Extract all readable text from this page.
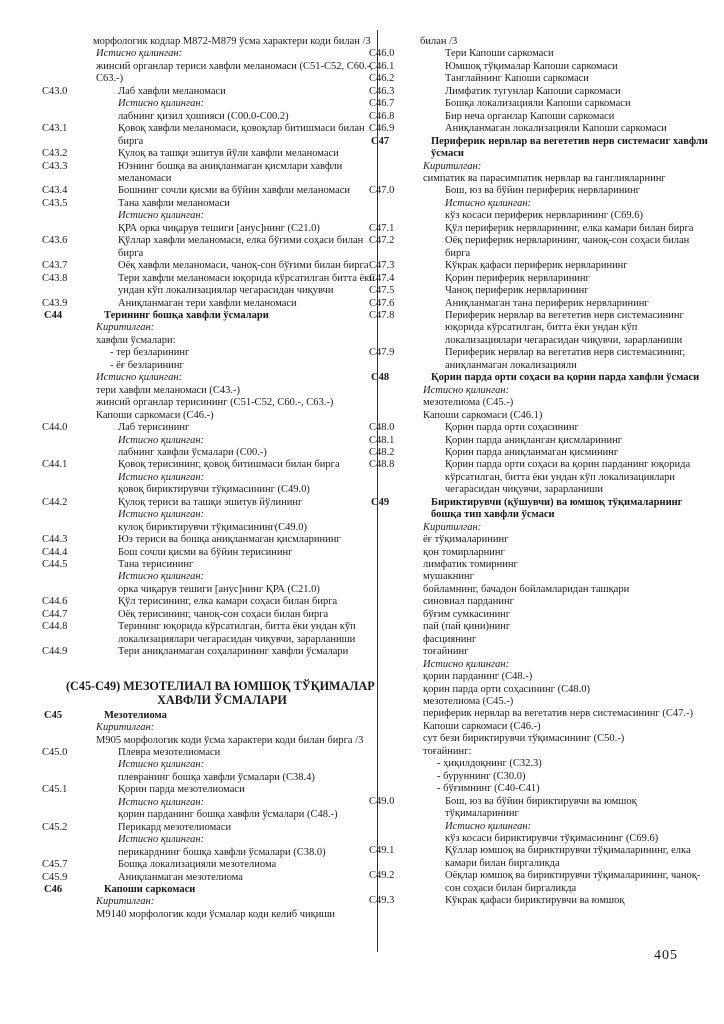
морфологик кодлар M872-M879 ўсма характери коди билан /3
Истисно қилинган:
жинсий органлар териси хавфли меланомаси (C51-C52, C60.-, C63.-)
C43.0	Лаб хавфли меланомаси
Истисно қилинган:
лабнинг қизил ҳошияси (C00.0-C00.2)
C43.1	Қовоқ хавфли меланомаси, қовоқлар битишмаси билан бирга
C43.2	Қулоқ ва ташқи эшитув йўли хавфли меланомаси
C43.3	Юзнинг бошқа ва аниқланмаган қисмлари хавфли меланомаси
C43.4	Бошнинг сочли қисми ва бўйин хавфли меланомаси
C43.5	Тана хавфли меланомаси
Истисно қилинган:
ҚРА орка чиқарув тешиги [анус]нинг (C21.0)
C43.6	Қўллар хавфли меланомаси, елка бўғими соҳаси билан бирга
C43.7	Оёқ хавфли меланомаси, чаноқ-сон бўғими билан бирга
C43.8	Тери хавфли меланомаси юқорида кўрсатилган битта ёки ундан кўп локализациялар чегарасидан чиқувчи
C43.9	Аниқланмаган тери хавфли меланомаси
C44	Терининг бошқа хавфли ўсмалари
Киритилган:
хавфли ўсмалари:
- тер безларининг
- ёғ безларининг
Истисно қилинган:
тери хавфли меланомаси (C43.-)
жинсий органлар терисининг (C51-C52, C60.-, C63.-)
Капоши саркомаси (C46.-)
C44.0	Лаб терисининг
Истисно қилинган:
лабнинг хавфли ўсмалари (C00.-)
C44.1	Қовоқ терисининг, қовоқ битишмаси билан бирга
Истисно қилинган:
қовоқ бириктирувчи тўқимасининг (C49.0)
C44.2	Қулоқ териси ва ташқи эшитув йўлининг
Истисно қилинган:
кулоқ бириктирувчи тўқимасининг(C49.0)
C44.3	Юз териси ва бошқа аниқланмаган қисмларининг
C44.4	Бош сочли қисми ва бўйин терисининг
C44.5	Тана терисининг
Истисно қилинган:
орка чиқарув тешиги [анус]нинг ҚРА (C21.0)
C44.6	Қўл терисининг, елка камари соҳаси билан бирга
C44.7	Оёқ терисининг, чаноқ-сон соҳаси билан бирга
C44.8	Терининг юқорида кўрсатилган, битта ёки ундан кўп локализациялари чегарасидан чиқувчи, зарарланиши
C44.9	Тери аниқланмаган соҳаларининг хавфли ўсмалари
(C45-C49) МЕЗОТЕЛИАЛ ВА ЮМШОҚ ТЎҚИМАЛАР
ХАВФЛИ ЎСМАЛАРИ
C45	Мезотелиома
Киритилган:
M905 морфологик коди ўсма характери коди билан бирга /3
C45.0	Плевра мезотелиомаси
Истисно қилинган:
плевранинг бошқа хавфли ўсмалари (C38.4)
C45.1	Қорин парда мезотелиомаси
Истисно қилинган:
қорин парданинг бошқа хавфли ўсмалари (C48.-)
C45.2	Перикард мезотелиомаси
Истисно қилинган:
перикарднинг бошқа хавфли ўсмалари (C38.0)
C45.7	Бошқа локализацияли мезотелиома
C45.9	Аниқланмаган мезотелиома
C46	Капоши саркомаси
Киритилган:
М9140 морфологик коди ўсмалар коди келиб чиқиши
билан /3
C46.0	Тери Капоши саркомаси
C46.1	Юмшоқ тўқималар Капоши саркомаси
C46.2	Танглайнинг Капоши саркомаси
C46.3	Лимфатик тугунлар Капоши саркомаси
C46.7	Бошқа локализацияли Капоши саркомаси
C46.8	Бир неча органлар Капоши саркомаси
C46.9	Аниқланмаган локализацияли Капоши саркомаси
C47	Периферик нервлар ва вегететив нерв системасиг хавфли ўсмаси
Киритилган:
симпатик ва парасимпатик нервлар ва ганглияларнинг
C47.0	Бош, юз ва бўйин периферик нервларининг
Истисно қилинган:
кўз косаси периферик нервларининг (C69.6)
C47.1	Қўл периферик нервларининг, елка камари билан бирга
C47.2	Оёқ периферик нервларининг, чаноқ-сон соҳаси билан бирга
C47.3	Кўкрак қафаси периферик нервларининг
C47.4	Қорин периферик нервларининг
C47.5	Чаноқ периферик нервларининг
C47.6	Аниқланмаган тана периферик нервларининг
C47.8	Периферик нервлар ва вегететив нерв системасининг юқорида кўрсатилган, битта ёки ундан кўп локализациялари чегарасидан чиқувчи, зарарланиши
C47.9	Периферик нервлар ва вегетатив нерв системасининг, аниқланмаган локализацияли
C48	Қорин парда орти соҳаси ва қорин парда хавфли ўсмаси
Истисно қилинган:
мезотелиома (C45.-)
Капоши саркомаси (C46.1)
C48.0	Қорин парда орти соҳасининг
C48.1	Қорин парда аниқланган қисмларининг
C48.2	Қорин парда аниқланмаган қисмининг
C48.8	Қорин парда орти соҳаси ва қорин парданинг юқорида кўрсатилган, битта ёки ундан кўп локализациялари чегарасидан чиқувчи, зарарланиши
C49	Бириктирувчи (қўшувчи) ва юмшоқ тўқималарнинг бошқа тип хавфли ўсмаси
Киритилган:
ёғ тўқималарининг
қон томирларнинг
лимфатик томирнинг
мушакнинг
бойламнинг, бачадон бойламларидан ташқари
синовиал парданинг
бўғим сумкасининг
пай (пай қини)нинг
фасциянинг
тоғайнинг
Истисно қилинган:
қорин парданинг (C48.-)
қорин парда орти соҳасининг (C48.0)
мезотелиома (C45.-)
периферик нервлар ва вегетатив нерв системасининг (C47.-)
Капоши саркомаси (C46.-)
сут бези бириктирувчи тўқимасининг (C50.-)
тоғайнинг:
- ҳиқилдоқнинг (C32.3)
- буруннинг (C30.0)
- бўғимнинг (C40-C41)
C49.0	Бош, юз ва бўйин бириктирувчи ва юмшоқ тўқималарининг
Истисно қилинган:
кўз косаси бириктирувчи тўқимасининг (C69.6)
C49.1	Қўллар юмшоқ ва бириктирувчи тўқималарининг, елка камари билан биргаликда
C49.2	Оёқлар юмшоқ ва бириктирувчи тўқималарининг, чаноқ-сон соҳаси билан биргаликда
C49.3	Кўкрак қафаси бириктирувчи ва юмшоқ
405
